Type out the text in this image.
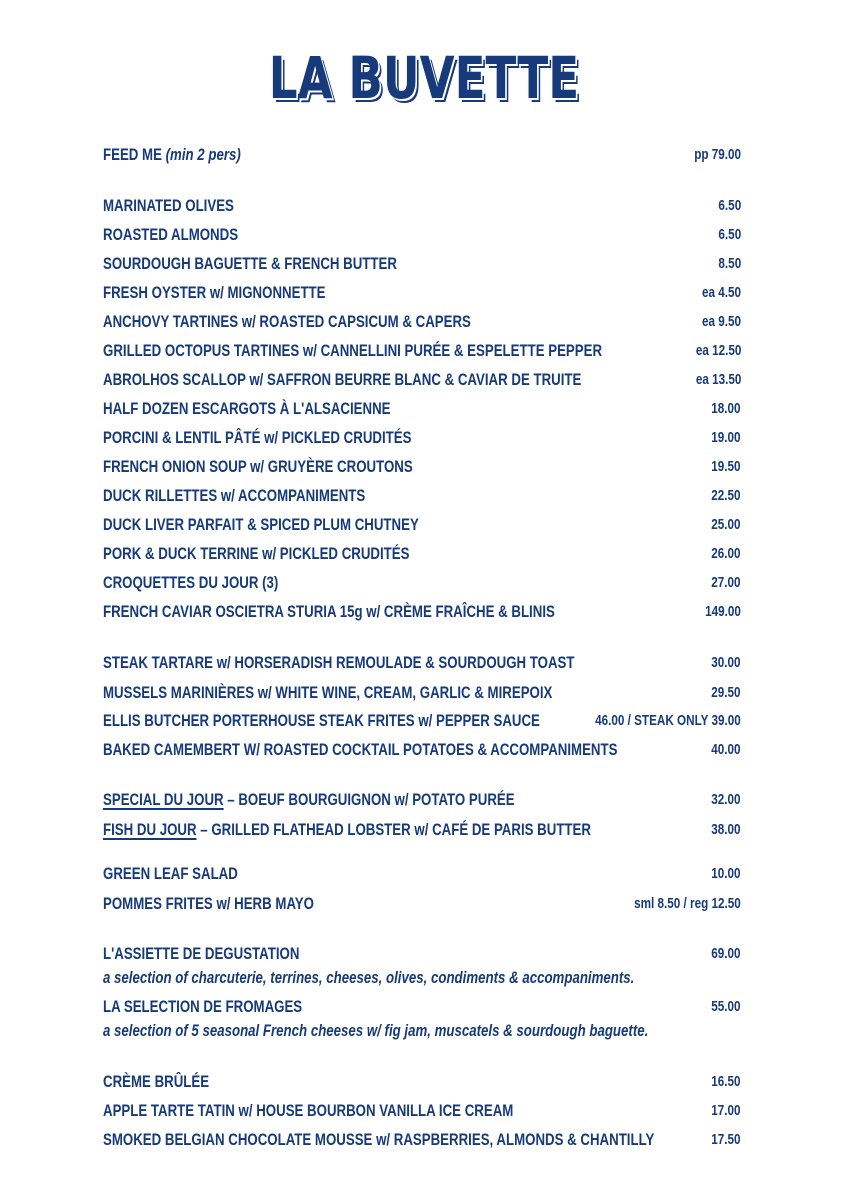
LA BUVETTE
FEED ME (min 2 pers)	pp 79.00
MARINATED OLIVES	6.50
ROASTED ALMONDS	6.50
SOURDOUGH BAGUETTE & FRENCH BUTTER	8.50
FRESH OYSTER w/ MIGNONNETTE	ea 4.50
ANCHOVY TARTINES w/ ROASTED CAPSICUM & CAPERS	ea 9.50
GRILLED OCTOPUS TARTINES w/ CANNELLINI PURÉE & ESPELETTE PEPPER	ea 12.50
ABROLHOS SCALLOP w/ SAFFRON BEURRE BLANC & CAVIAR DE TRUITE	ea 13.50
HALF DOZEN ESCARGOTS À L'ALSACIENNE	18.00
PORCINI & LENTIL PÂTÉ w/ PICKLED CRUDITÉS	19.00
FRENCH ONION SOUP w/ GRUYÈRE CROUTONS	19.50
DUCK RILLETTES w/ ACCOMPANIMENTS	22.50
DUCK LIVER PARFAIT & SPICED PLUM CHUTNEY	25.00
PORK & DUCK TERRINE w/ PICKLED CRUDITÉS	26.00
CROQUETTES DU JOUR (3)	27.00
FRENCH CAVIAR OSCIETRA STURIA 15g w/ CRÈME FRAÎCHE & BLINIS	149.00
STEAK TARTARE w/ HORSERADISH REMOULADE & SOURDOUGH TOAST	30.00
MUSSELS MARINIÈRES w/ WHITE WINE, CREAM, GARLIC & MIREPOIX	29.50
ELLIS BUTCHER PORTERHOUSE STEAK FRITES w/ PEPPER SAUCE	46.00 / STEAK ONLY 39.00
BAKED CAMEMBERT W/ ROASTED COCKTAIL POTATOES & ACCOMPANIMENTS	40.00
SPECIAL DU JOUR – BOEUF BOURGUIGNON w/ POTATO PURÉE	32.00
FISH DU JOUR – GRILLED FLATHEAD LOBSTER w/ CAFÉ DE PARIS BUTTER	38.00
GREEN LEAF SALAD	10.00
POMMES FRITES w/ HERB MAYO	sml 8.50 / reg 12.50
L'ASSIETTE DE DEGUSTATION	69.00
a selection of charcuterie, terrines, cheeses, olives, condiments & accompaniments.
LA SELECTION DE FROMAGES	55.00
a selection of 5 seasonal French cheeses w/ fig jam, muscatels & sourdough baguette.
CRÈME BRÛLÉE	16.50
APPLE TARTE TATIN w/ HOUSE BOURBON VANILLA ICE CREAM	17.00
SMOKED BELGIAN CHOCOLATE MOUSSE w/ RASPBERRIES, ALMONDS & CHANTILLY	17.50
